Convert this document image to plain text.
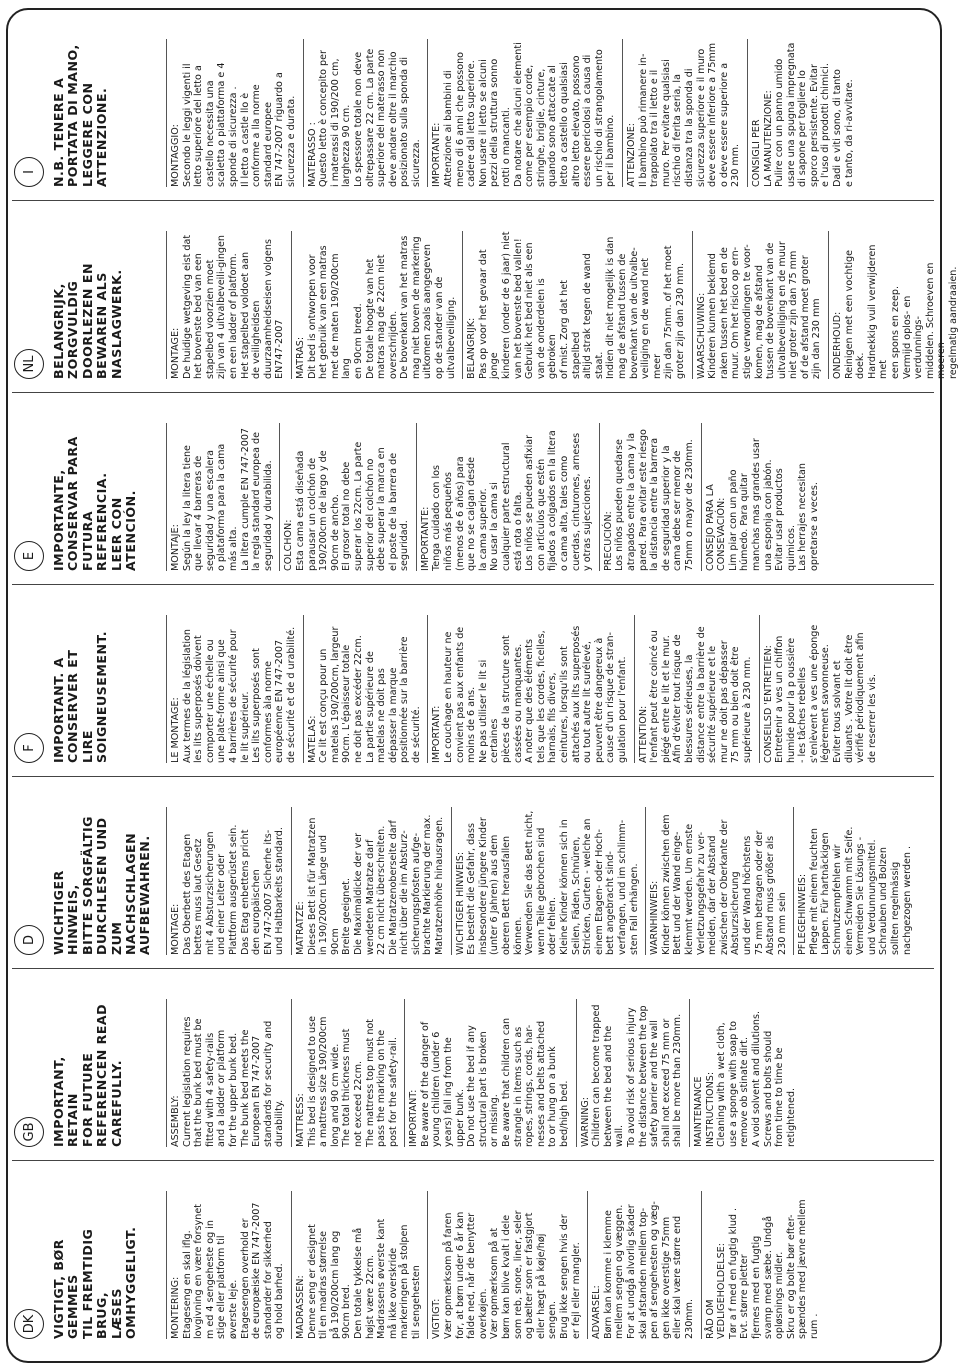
DK	VIGTIGT, BØR GEMMES
TIL FREMTIDIG BRUG,
LÆSES OMHYGGELIGT.	MONTERING: Etageseng en skal iflg.
lovgivning en være forsynet
m ed 4 sengeheste og in
stige eller platform til
øverste leje.
Etagesengen overhold er
de europæiske EN 747-2007
standarder for sikkerhed
og hold barhed. MADRASSEN: Denne seng er designet
til en madras størrelse
på 190/200cm lang og
90cm bred.
Den totale tykkelse må
højst være 22cm.
Madrassens øverste kant
må ikke overskride
markeringen på stolpen
til sengehesten VIGTIGT: Vær opmærksom på faren
for, at børn under 6 år kan
falde ned, når de benytter
overkøjen.
Vær opmærksom på at
børn kan blive kvalt i dele
som reb, snore, liner, seler
og bælter som er fastgjort
eller hægt på køje/høj
sengen.
Brug ikke sengen hvis der
er fejl eller mangler.
ADVARSEL: Børn kan komme i klemme
mellem sengen og væggen.
For at undgå alvorlig skader
skal afstanden mellem top-
pen af sengehesten og væg-
gen ikke overstige 75mm
eller skal være større end
230mm. RÅD OM
VEDLIGEHOLDELSE: Tør a f med en fugtig klud .
Evt. større pletter
fjernes med en fugtig
svamp med sæbe. Undgå
opløsnings midler.
Skru er og bolte bør efter-
spændes med jævne mellem
rum .
GB	IMPORTANT, RETAIN
FOR FUTURE
REFERENCEN READ
CAREFULLY.	ASSEMBLY: Current legislation requires
that the bunk bed must be
fitted with 4 safety-rails
and a ladder or platform
for the upper bunk bed.
The bunk bed meets the
European EN 747-2007
standards for security and
durability. MATTRESS: This bed is designed to use
a mattress size 190/200cm
long and 90 cm wide.
The total thickness must
not exceed 22cm.
The mattress top must not
pass the marking on the
post for the safety-rail.
IMPORTANT: Be aware of the danger of
young children (under 6
years) fall ing from the
upper bunk.
Do not use the bed if any
structural part is broken
or missing.
Be aware that children can
strangle in items such as
ropes, strings, cords, har-
nesses and belts attached
to or hung on a bunk
bed/high bed.
WARNING: Children can become trapped
between the bed and the
wall.
To avoid risk of serious injury
the distance between the top
safety barrier and the wall
shall not exceed 75 mm or
shall be more than 230mm.
MAINTENANCE
INSTRUCTIONS: Cleaning with a wet cloth,
use a sponge with soap to
remove ob stinate dirt.
A void solvent and dilutions.
Screws and bolts should
from time to time be
retightened.
D	WICHTIGER HINWEIS,
BITTE SORGFÄLTIG
DURCHLESEN UND
ZUM NACHSCHLAGEN
AUFBEWAHREN.	MONTAGE: Das Oberbett des Etagen
bettes muss laut Gesetz
mit 4 Absturzsicherungen
und einer Leiter oder
Plattform ausgerüstet sein.
Das Etag enbettens pricht
den europäischen
EN 747-2007 Sicherhe its-
und Haltbarkeits standard.
MATRATZE: Dieses Bett ist für Matratzen
in 190/200cm Länge und 90cm
Breite geeignet.
Die Maximaldicke der ver
wendeten Matratze darf
22 cm nicht überschreiten.
Die Matratzenoberseite darf
nicht über die im Absturz-
sicherungspfosten aufge-
brachte Markierung der max.
Matratzenhöhe hinausragen.
WICHTIGER HINWEIS: Es besteht die Gefahr, dass
insbesondere jüngere Kinder
(unter 6 Jahren) aus dem
oberen Bett herausfallen
können.
Verwenden Sie das Bett nicht,
wenn Teile gebrochen sind
oder fehlen.
Kleine Kinder können sich in
Seilen, Fäden, Schnüren,
Stricken, Gurten - welche an
einem Etagen- oder Hoch-
bett angebracht sind-
verfangen, und im schlimm-
sten Fall erhängen. WARNHINWEIS: Kinder können zwischen dem
Bett und der Wand einge-
klemmt werden. Um ernste
Verletzungsgefahr zu ver-
meiden, dar der Abstand
zwischen der Oberkante der
Absturzsicherung
und der Wand höchstens
75 mm betragen oder der
Abstand muss größer als
230 mm sein PFLEGEHINWEIS: Pflege mit einem feuchten
Lappen. Für hartnäckigen
Schmutzempfehlen wir
einen Schwamm mit Seife.
Vermeiden Sie Lösungs -
und Verdunnungsmittel.
Schrauben und Bolzen
sollten regelmässig
nachgezogen werden .
F	IMPORTANT. A
CONSERVER ET LIRE
SOIGNEUSEMENT.	LE MONTAGE: Aux termes de la législation
les lits superposés doivent
comporter une échelle ou
une plate-forme ainsi que
4 barrières de sécurité pour
le lit supérieur.
Les lits superposés sont
conformes àla norme
européenne EN 747-2007
de sécurité et de d urabilité.
MATELAS: Ce lit est conçu pour un
matelas 190/200cm, largeur
90cm. L'épaisseur totale
ne doit pas excéder 22cm.
La partie supérieure de
matelas ne doit pas
dépasser la marque
positionnée sur la barrière
de sécurité. IMPORTANT: Le couchage en hauteur ne
convient pas aux enfants de
moins de 6 ans.
Ne pas utiliser le lit si certaines
pièces de la structure sont
cassées ou manquantes.
A noter que des éléments
tels que les cordes, ficelles,
harnais, fils divers,
ceintures, lorsqu'ils sont
attachés aux lits superposés
ou tout autre lit surélevé,
peuvent être dangereux à
cause d'un risque de stran-
gulation pour l'enfant.
ATTENTION: l'enfant peut être coincé ou
piégé entre le lit et le mur.
Afin d'éviter tout risque de
blessures sérieuses, la
distance entre la barrière de
sécurité supérieure et le
mur ne doit pas dépasser
75 mm ou bien doit être
supérieure à 230 mm. CONSEILSD 'ENTRETIEN: Entretenir a ves un chiffon
humide pour la p oussière
- les tâches rebelles
s'enlèvent a ves une éponge
légèrement savonneuse.
Eviter tous solvant et
diluants . Votre lit doit être
vérifié périodiquement afin
de reserrer les vis.
E	IMPORTANTE,
CONSERVAR PARA
FUTURA REFERENCIA.
LEER CON ATENCIÓN.	MONTAJE: Según la ley la litera tiene
que llevar 4 barreras de
seguridad y una escalera
o plataforma para la cama
más alta.
La litera cumple EN 747-2007
la regla standard europea de
seguridad y durabilida.
COLCHON: Esta cama está diseñada
parausar un colchón de
190/200cm de largo y de
90cm de ancho.
El grosor total no debe
superar los 22cm. La parte
superior del colchón no
debe superar la marca en
el poste de la barrera de
seguridad. IMPORTANTE: Tenga cuidado con los
niños más pequeños
(menos de 6 años) para
que no se caigan desde
la cama superior.
No usar la cama si
cualquier parte estructural
está rota o falta.
Los niños se pueden asfixiar
con artículos que estén
fijados a colgados en la litera
o cama alta, tales como
cuerdas, cinturones, arneses
y otras sujecciones.
PRECUCIÓN: Los niños pueden quedarse
atrapados entre la cama y la
pared. Para evitar este riesgo
la distancia entre la barrera
de seguridad superior y la
cama debe ser menor de
75mm o mayor de 230mm.
CONSEJO PARA LA
CONSEVACIÓN: Lim piar con un paño
húmedo. Para quitar
manchas mas grandes usar
una esponja con jabón.
Evitar usar productos
quimicos.
Las herrajes necesitan
opretarse a veces.
NL	BELANGRIJK,
ZORGVULDIG
DOORLEZEN EN
BEWAREN ALS
NASLAGWERK.	MONTAGE: De huidige wetgeving eist dat
het bovenste bed van een
stapelbed voorzien moet
zijn van 4 uitvalbeveili-gingen
en een ladder of platform.
Het stapelbed voldoet aan
de veiligheidsen
duurzaamheidseisen volgens
EN747-2007 MATRAS: Dit bed is ontworpen voor
het gebruik van een matras
met de maten 190/200cm lang
en 90cm breed.
De totale hoogte van het
matras mag de 22cm niet
overschrijden.
De bovenkant van het matras
mag niet boven de markering
uitkomen zoals aangegeven
op de stander van de
uitvalbeveiliging. BELANGRIJK: Pas op voor het gevaar dat jonge
kinderen (onder de 6 jaar) niet
van het bovenste bed vallen!
Gebruik het bed niet als een
van de onderdelen is gebroken
of mist. Zorg dat het stapelbed
altijd strak tegen de wand staat.
Indien dit niet mogelijk is dan
mag de afstand tussen de
bovenkant van de uitvalbe-
veiliging en de wand niet meer
zijn dan 75mm. of het moet
groter zijn dan 230 mm.
WAARSCHUWING: Kinderen kunnen beklemd
raken tussen het bed en de
muur. Om het risico op ern-
stige verwondingen te voor-
komen, mag de afstand
tussen de bovenkant van de
uitvalbeveiliging en de muur
niet groter zijn dan 75 mm
of de afstand moet groter
zijn dan 230 mm
ONDERHOUD: Reinigen met een vochtige doek.
Hardnekkig vuil verwijderen met
een spons en zeep.
Vermijd oplos- en verdunnings-
middelen. Schroeven en moeren
regelmatig aandraaien.
I	N.B. TENERE A
PORTATA DI MANO,
LEGGERE CON
ATTENZIONE.	MONTAGGIO: Secondo le leggi vigenti il
letto superiore del letto a
castello necessita una
scaletta o piattaforma e 4
sponde di sicurezza .
Il letto a castle llo è
conforme a lla norme
standard europee
EN 747-2007 riguardo a
sicurezza e durata.
MATERASSO : Questo letto è concepito per
i materassi di 190/200 cm,
larghezza 90 cm.
Lo spessore totale non deve
oltrepassare 22 cm. La parte
superiore del materasso non
deve andare oltre il marchio
posizionato sulla sponda di
sicurezza. IMPORTANTE: Attenzione ai bambini di
meno di 6 anni che possono
cadere dal letto superiore.
Non usare il letto se alcuni
pezzi della struttura sonno
rotti o mancanti.
Da notare che alcuni elementi
come per esempio corde,
stringhe, briglie, cinture,
quando sono attaccate al
letto a castello o qualsiasi
altro letto elevato, possono
essere pericolosi a causa di
un rischio di strangolamento
per il bambino. ATTENZIONE: Il bambino può rimanere in-
trappolato tra il letto e il
muro. Per evitare qualsiasi
rischio di ferita seria, la
distanza tra la sponda di
sicurezza superiore e il muro
deve essere inferiore a 75mm
o deve essere superiore a
230 mm. CONSIGLI PER
LA MANUTENZIONE:
Pulire con un panno umido
usare una spugna impregnata
di sapone per togliere lo
sporco persistente. Evitar
e l'uso di prodotti chimici.
Dadi e viti sono, di tanto
e tanto, da ri-avvitare.
